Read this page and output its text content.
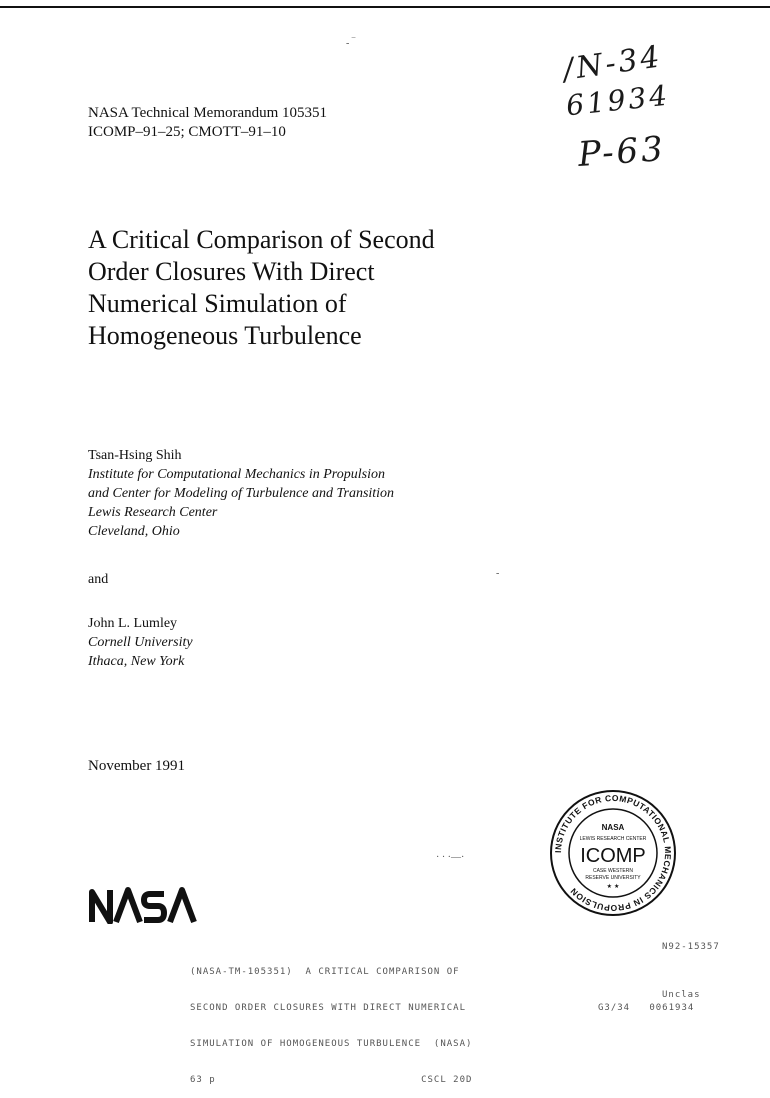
- ‾
· · ·—·
-
/N-34
61934
P-63
NASA Technical Memorandum 105351
ICOMP–91–25; CMOTT–91–10
A Critical Comparison of Second
Order Closures With Direct
Numerical Simulation of
Homogeneous Turbulence
Tsan-Hsing Shih
Institute for Computational Mechanics in Propulsion
and Center for Modeling of Turbulence and Transition
Lewis Research Center
Cleveland, Ohio
and
John L. Lumley
Cornell University
Ithaca, New York
November 1991
INSTITUTE FOR COMPUTATIONAL MECHANICS IN PROPULSION
NASA
LEWIS RESEARCH CENTER
ICOMP
CASE WESTERN
RESERVE UNIVERSITY
★ ★

(NASA-TM-105351)  A CRITICAL COMPARISON OF

SECOND ORDER CLOSURES WITH DIRECT NUMERICAL

SIMULATION OF HOMOGENEOUS TURBULENCE  (NASA)

63 p                                CSCL 20D

N92-15357
Unclas
G3/34   0061934
